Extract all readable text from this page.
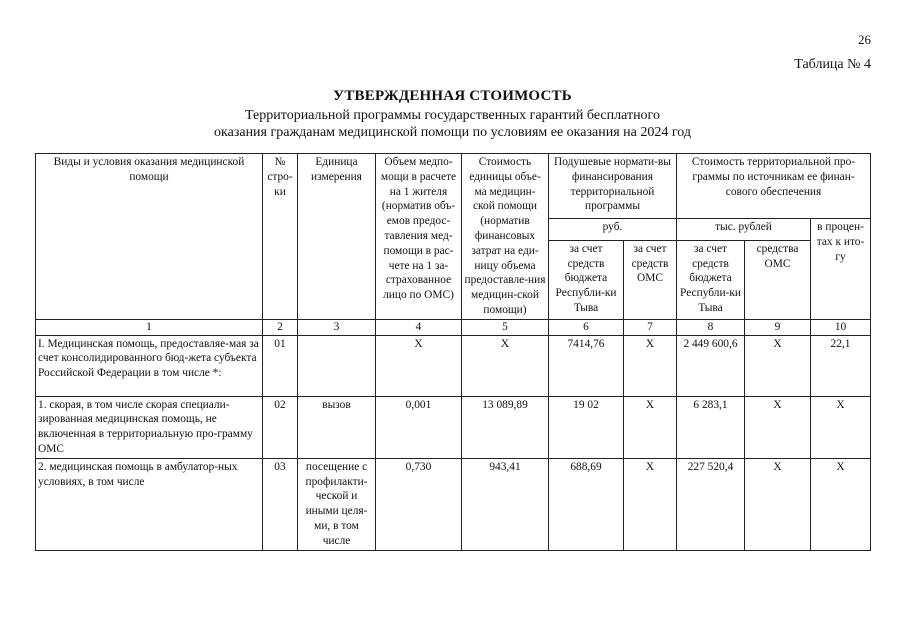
26
Таблица № 4
УТВЕРЖДЕННАЯ СТОИМОСТЬ
Территориальной программы государственных гарантий бесплатного
оказания гражданам медицинской помощи по условиям ее оказания на 2024 год
Виды и условия оказания медицинской помощи	№ стро-ки	Единица измерения	Объем медпо-мощи в расчете на 1 жителя (норматив объ-емов предос-тавления мед-помощи в рас-чете на 1 за-страхованное лицо по ОМС)	Стоимость единицы объе-ма медицин-ской помощи (норматив финансовых затрат на еди-ницу объема предоставле-ния медицин-ской помощи)	Подушевые нормати-вы финансирования территориальной программы		Стоимость территориальной про-граммы по источникам ее финан-сового обеспечения		
					руб.		тыс. рублей		в процен-тах к ито-гу
					за счет средств бюджета Республи-ки Тыва	за счет средств ОМС	за счет средств бюджета Республи-ки Тыва	средства ОМС	
1	2	3	4	5	6	7	8	9	10
I. Медицинская помощь, предоставляе-мая за счет консолидированного бюд-жета субъекта Российской Федерации в том числе *:	01		Х	Х	7414,76	Х	2 449 600,6	Х	22,1
1. скорая, в том числе скорая специали-зированная медицинская помощь, не включенная в территориальную про-грамму ОМС	02	вызов	0,001	13 089,89	19 02	Х	6 283,1	Х	Х
2. медицинская помощь в амбулатор-ных условиях, в том числе	03	посещение с профилакти-ческой и иными целя-ми, в том числе	0,730	943,41	688,69	Х	227 520,4	Х	Х
